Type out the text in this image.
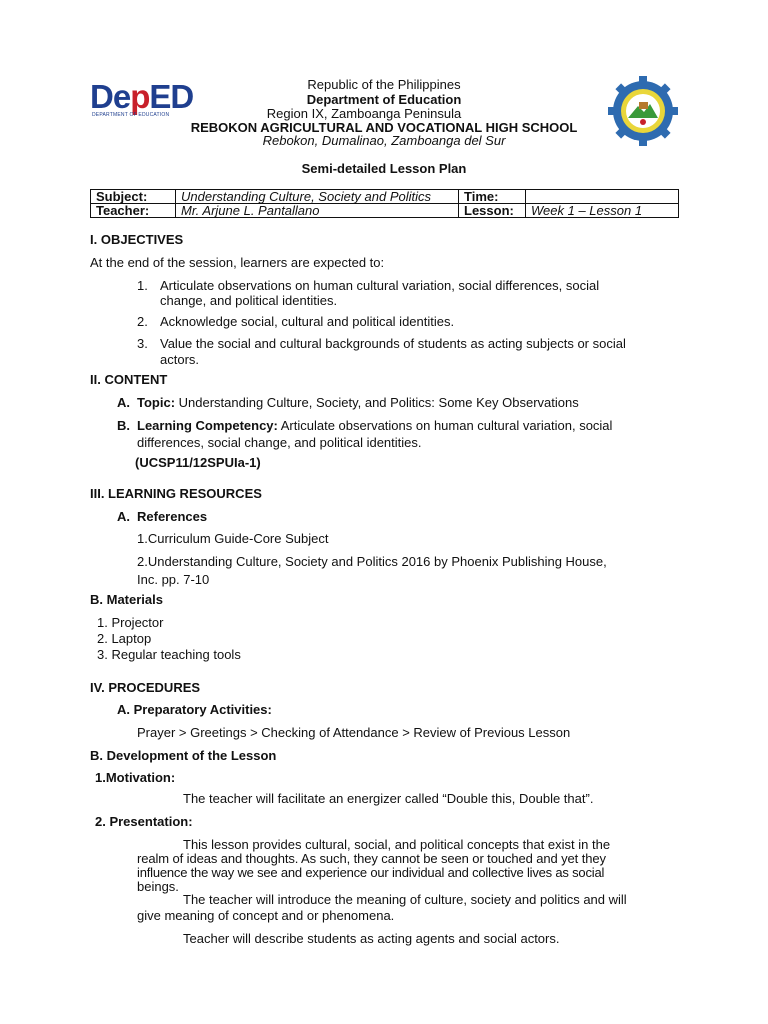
DepED
DEPARTMENT OF EDUCATION
Republic of the Philippines
Department of Education
Region IX, Zamboanga Peninsula
REBOKON AGRICULTURAL AND VOCATIONAL HIGH SCHOOL
Rebokon, Dumalinao, Zamboanga del Sur
Semi-detailed Lesson Plan
Subject:	Understanding Culture, Society and Politics	Time:	
Teacher:	Mr. Arjune L. Pantallano	Lesson:	Week 1 – Lesson 1
I. OBJECTIVES
At the end of the session, learners are expected to:
1. Articulate observations on human cultural variation, social differences, social
change, and political identities.
2. Acknowledge social, cultural and political identities.
3. Value the social and cultural backgrounds of students as acting subjects or social
actors.
II. CONTENT
A. Topic: Understanding Culture, Society, and Politics: Some Key Observations
B. Learning Competency: Articulate observations on human cultural variation, social
differences, social change, and political identities.
(UCSP11/12SPUIa-1)
III. LEARNING RESOURCES
A. References
1.Curriculum Guide-Core Subject
2.Understanding Culture, Society and Politics 2016 by Phoenix Publishing House,
Inc. pp. 7-10
B. Materials
1. Projector
2. Laptop
3. Regular teaching tools
IV. PROCEDURES
A. Preparatory Activities:
Prayer > Greetings > Checking of Attendance > Review of Previous Lesson
B. Development of the Lesson
1.Motivation:
The teacher will facilitate an energizer called “Double this, Double that”.
2. Presentation:
This lesson provides cultural, social, and political concepts that exist in the
realm of ideas and thoughts. As such, they cannot be seen or touched and yet they
influence the way we see and experience our individual and collective lives as social
beings.
The teacher will introduce the meaning of culture, society and politics and will
give meaning of concept and or phenomena.
Teacher will describe students as acting agents and social actors.
